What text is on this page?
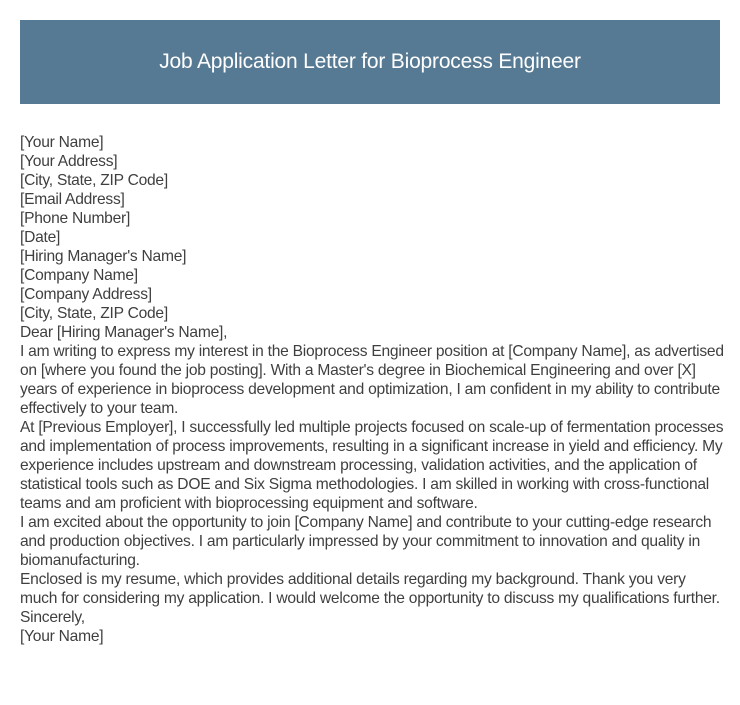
Job Application Letter for Bioprocess Engineer

[Your Name]

[Your Address]

[City, State, ZIP Code]

[Email Address]

[Phone Number]

[Date]

[Hiring Manager's Name]

[Company Name]

[Company Address]

[City, State, ZIP Code]

Dear [Hiring Manager's Name],

I am writing to express my interest in the Bioprocess Engineer position at [Company Name], as advertised on [where you found the job posting]. With a Master's degree in Biochemical Engineering and over [X] years of experience in bioprocess development and optimization, I am confident in my ability to contribute effectively to your team.

At [Previous Employer], I successfully led multiple projects focused on scale-up of fermentation processes and implementation of process improvements, resulting in a significant increase in yield and efficiency. My experience includes upstream and downstream processing, validation activities, and the application of statistical tools such as DOE and Six Sigma methodologies. I am skilled in working with cross-functional teams and am proficient with bioprocessing equipment and software.

I am excited about the opportunity to join [Company Name] and contribute to your cutting-edge research and production objectives. I am particularly impressed by your commitment to innovation and quality in biomanufacturing.

Enclosed is my resume, which provides additional details regarding my background. Thank you very much for considering my application. I would welcome the opportunity to discuss my qualifications further.

Sincerely,

[Your Name]
